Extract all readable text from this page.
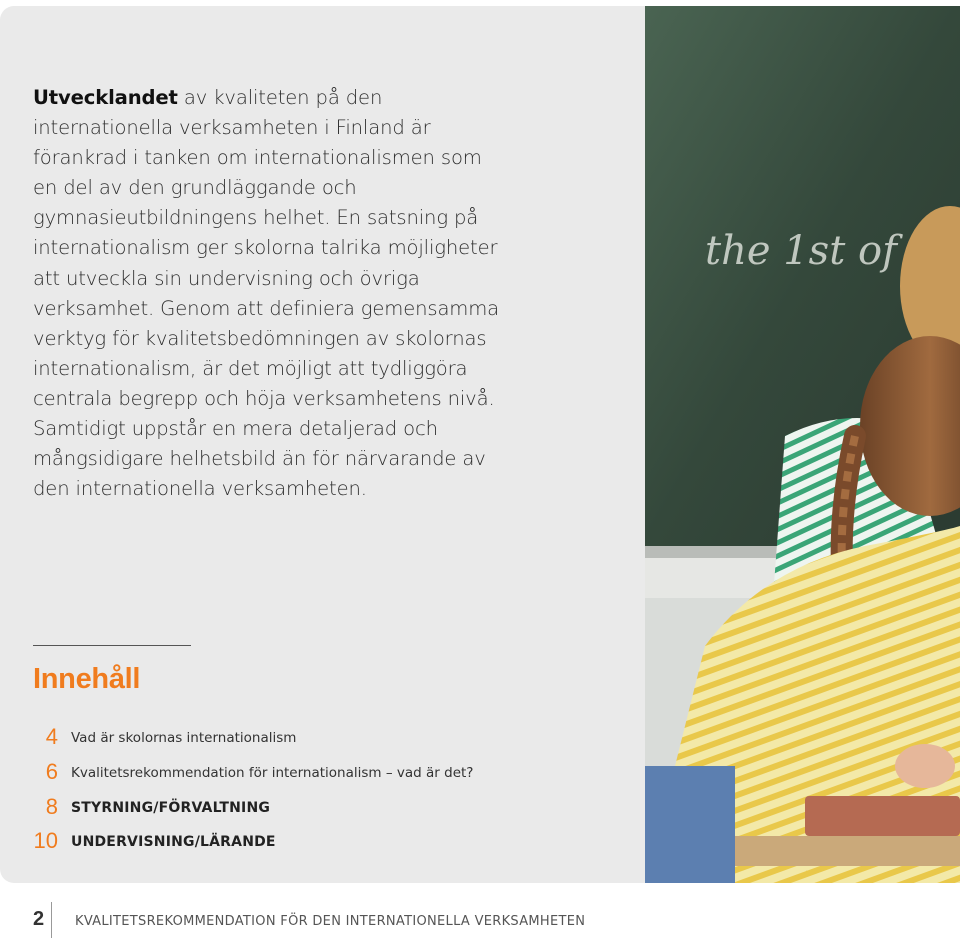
Utvecklandet av kvaliteten på den internationella verksamheten i Finland är förankrad i tanken om internationalismen som en del av den grundläggande och gymnasieutbildningens helhet. En satsning på internationalism ger skolorna talrika möjligheter att utveckla sin undervisning och övriga verksamhet. Genom att definiera gemensamma verktyg för kvalitetsbedömningen av skolornas internationalism, är det möjligt att tydliggöra centrala begrepp och höja verksamhetens nivå. Samtidigt uppstår en mera detaljerad och mångsidigare helhetsbild än för närvarande av den internationella verksamheten.

Innehåll
4 Vad är skolornas internationalism
6 Kvalitetsrekommendation för internationalism – vad är det?
8 STYRNING/FÖRVALTNING
10 UNDERVISNING/LÄRANDE
the 1st of
2 KVALITETSREKOMMENDATION FÖR DEN INTERNATIONELLA VERKSAMHETEN
